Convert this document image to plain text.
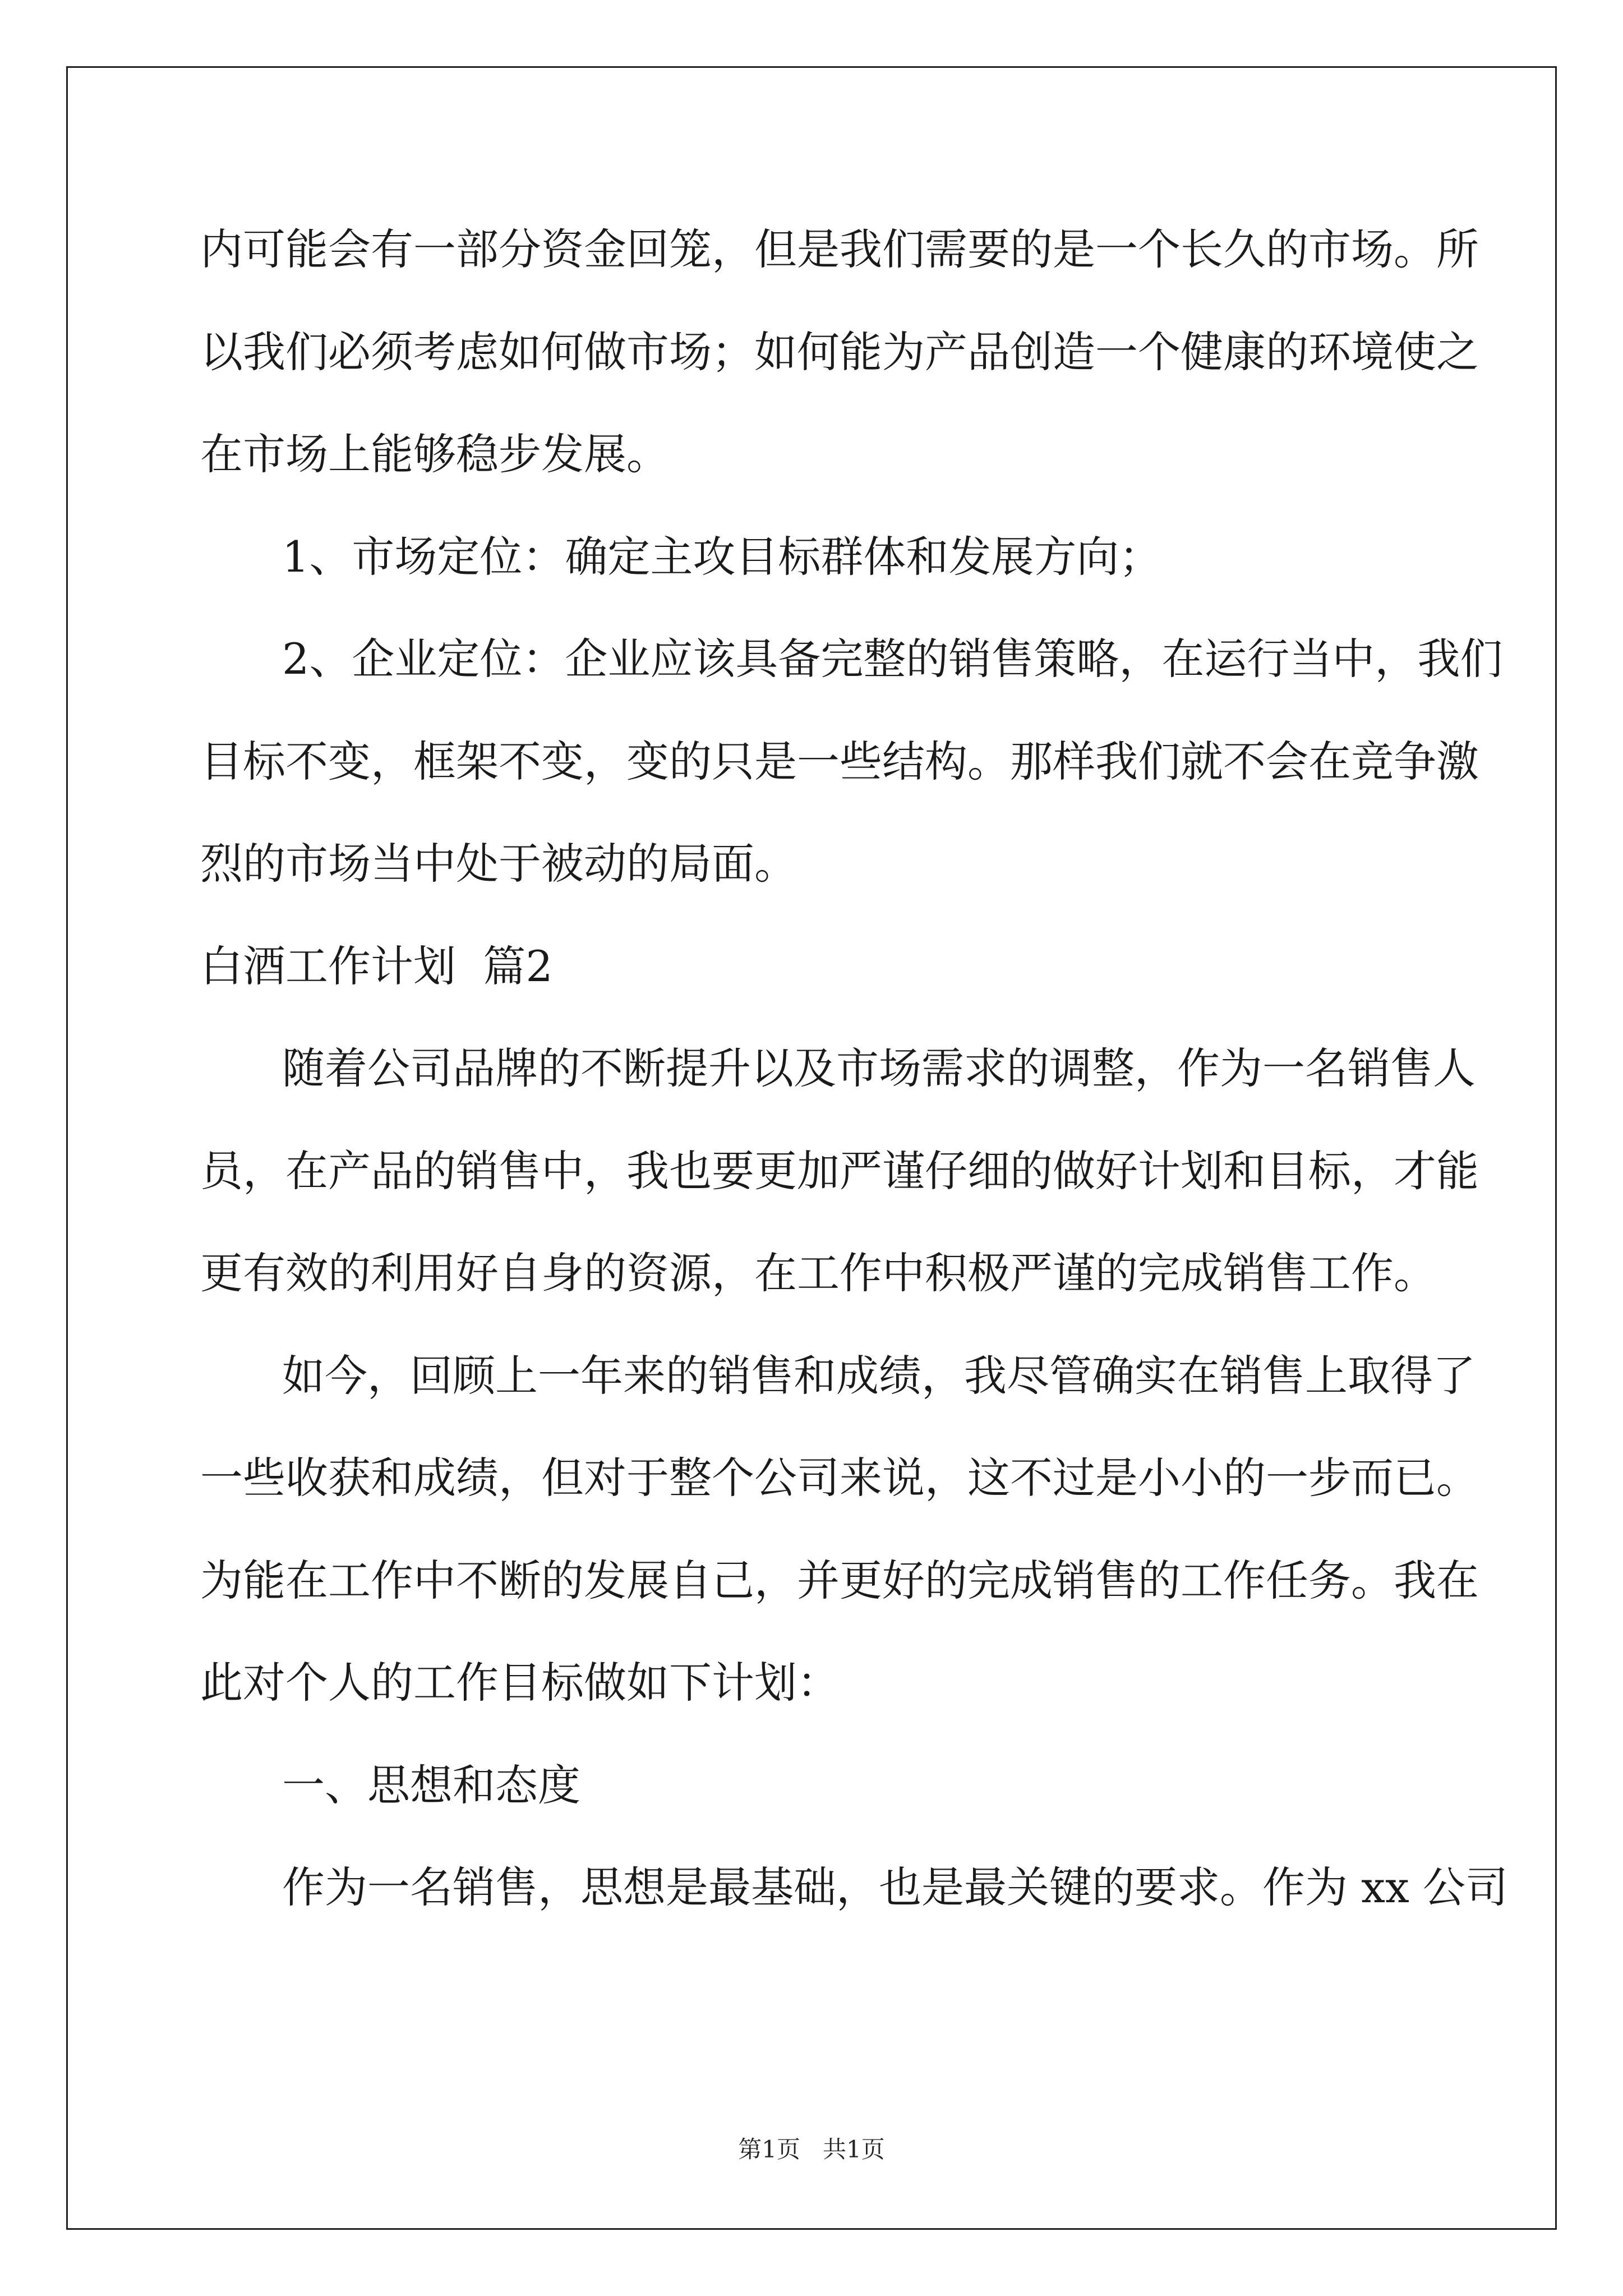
内可能会有一部分资金回笼，但是我们需要的是一个长久的市场。所
以我们必须考虑如何做市场；如何能为产品创造一个健康的环境使之
在市场上能够稳步发展。
1、市场定位：确定主攻目标群体和发展方向；
2、企业定位：企业应该具备完整的销售策略，在运行当中，我们
目标不变，框架不变，变的只是一些结构。那样我们就不会在竞争激
烈的市场当中处于被动的局面。
白酒工作计划  篇2
随着公司品牌的不断提升以及市场需求的调整，作为一名销售人
员，在产品的销售中，我也要更加严谨仔细的做好计划和目标，才能
更有效的利用好自身的资源，在工作中积极严谨的完成销售工作。
如今，回顾上一年来的销售和成绩，我尽管确实在销售上取得了
一些收获和成绩，但对于整个公司来说，这不过是小小的一步而已。
为能在工作中不断的发展自己，并更好的完成销售的工作任务。我在
此对个人的工作目标做如下计划：
一、思想和态度
作为一名销售，思想是最基础，也是最关键的要求。作为 xx 公司
第1页   共1页
